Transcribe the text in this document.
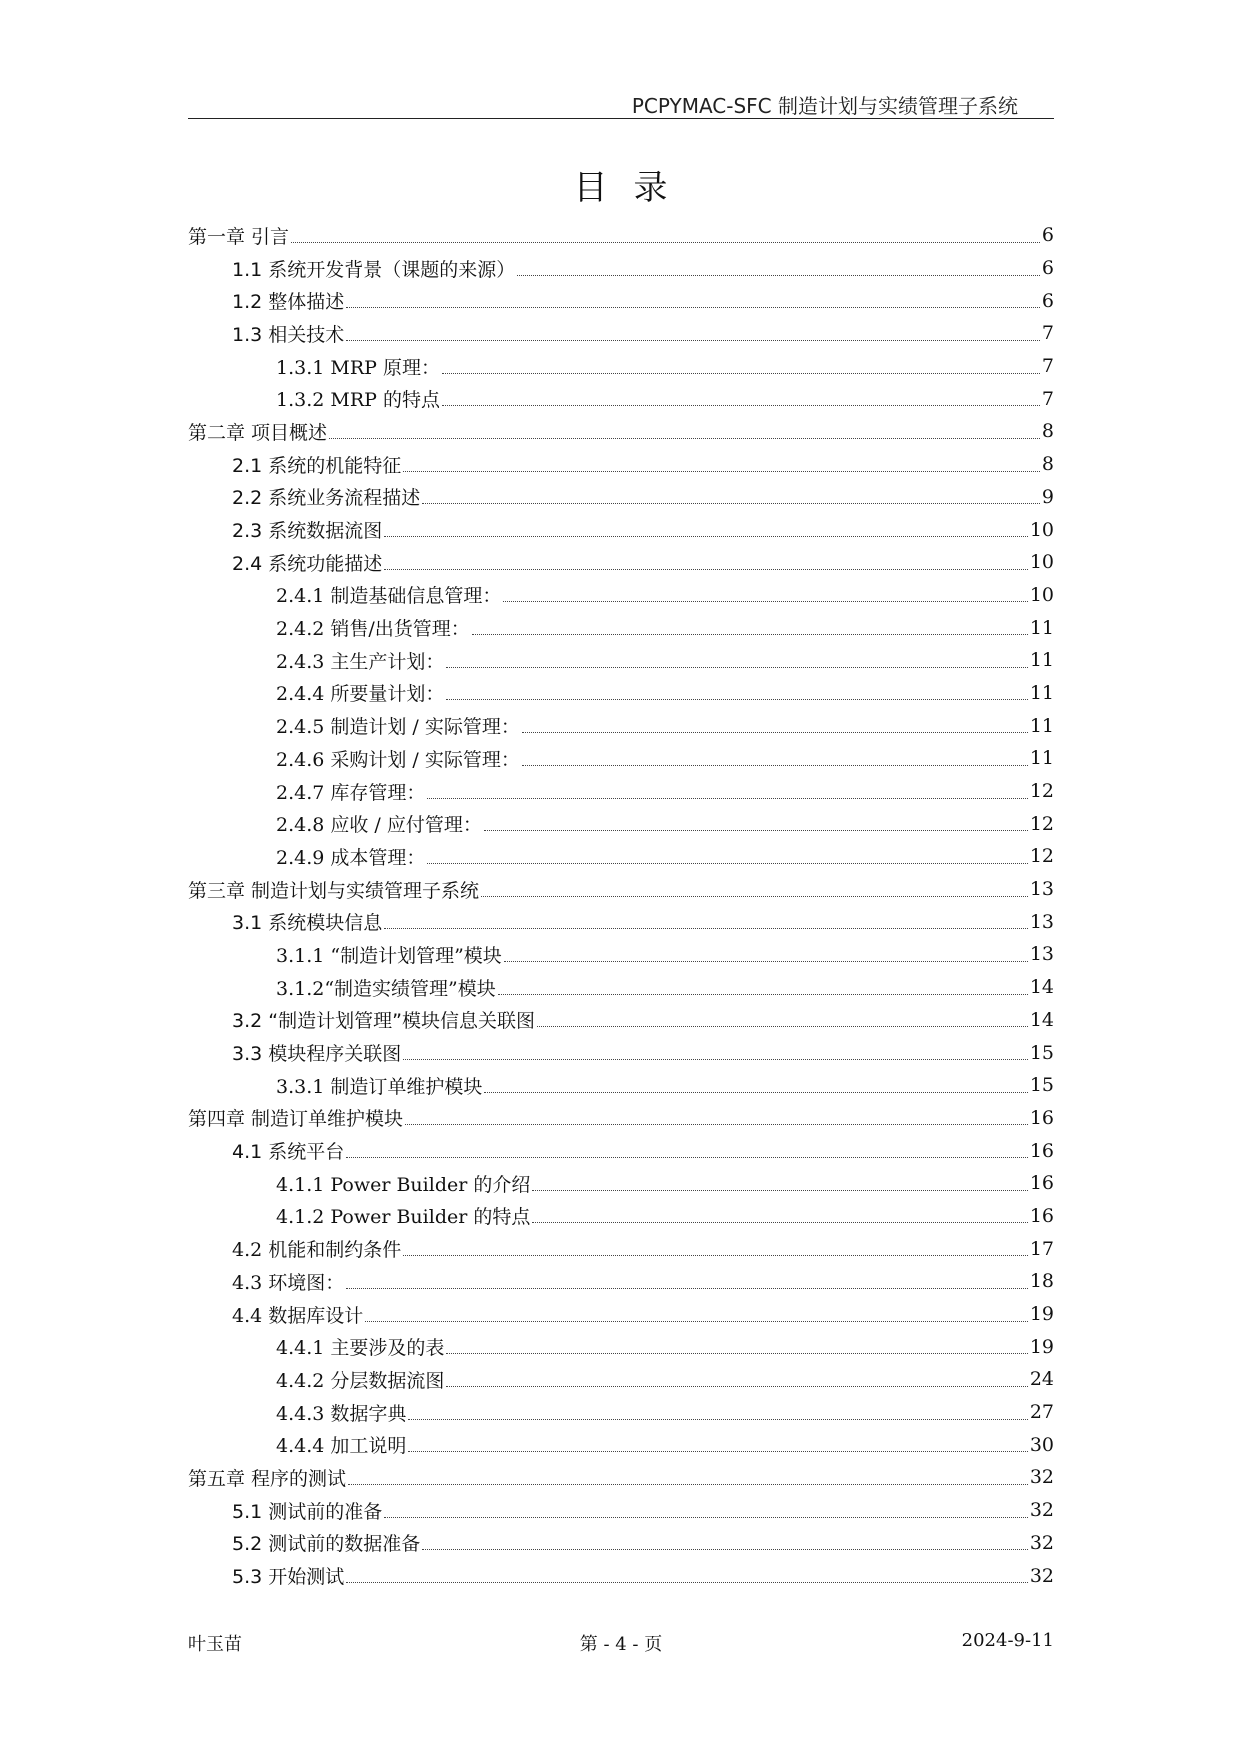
PCPYMAC-SFC 制造计划与实绩管理子系统
目录
第一章 引言	6
1.1 系统开发背景（课题的来源）	6
1.2 整体描述	6
1.3 相关技术	7
1.3.1 MRP 原理：	7
1.3.2 MRP 的特点	7
第二章 项目概述	8
2.1 系统的机能特征	8
2.2 系统业务流程描述	9
2.3 系统数据流图	10
2.4 系统功能描述	10
2.4.1 制造基础信息管理：	10
2.4.2 销售/出货管理：	11
2.4.3 主生产计划：	11
2.4.4 所要量计划：	11
2.4.5 制造计划 / 实际管理：	11
2.4.6 采购计划 / 实际管理：	11
2.4.7 库存管理：	12
2.4.8 应收 / 应付管理：	12
2.4.9 成本管理：	12
第三章 制造计划与实绩管理子系统	13
3.1 系统模块信息	13
3.1.1 “制造计划管理”模块	13
3.1.2“制造实绩管理”模块	14
3.2 “制造计划管理”模块信息关联图	14
3.3 模块程序关联图	15
3.3.1 制造订单维护模块	15
第四章 制造订单维护模块	16
4.1 系统平台	16
4.1.1 Power Builder 的介绍	16
4.1.2 Power Builder 的特点	16
4.2 机能和制约条件	17
4.3 环境图：	18
4.4 数据库设计	19
4.4.1 主要涉及的表	19
4.4.2 分层数据流图	24
4.4.3 数据字典	27
4.4.4 加工说明	30
第五章 程序的测试	32
5.1 测试前的准备	32
5.2 测试前的数据准备	32
5.3 开始测试	32
叶玉苗	第 - 4 - 页	2024-9-11
